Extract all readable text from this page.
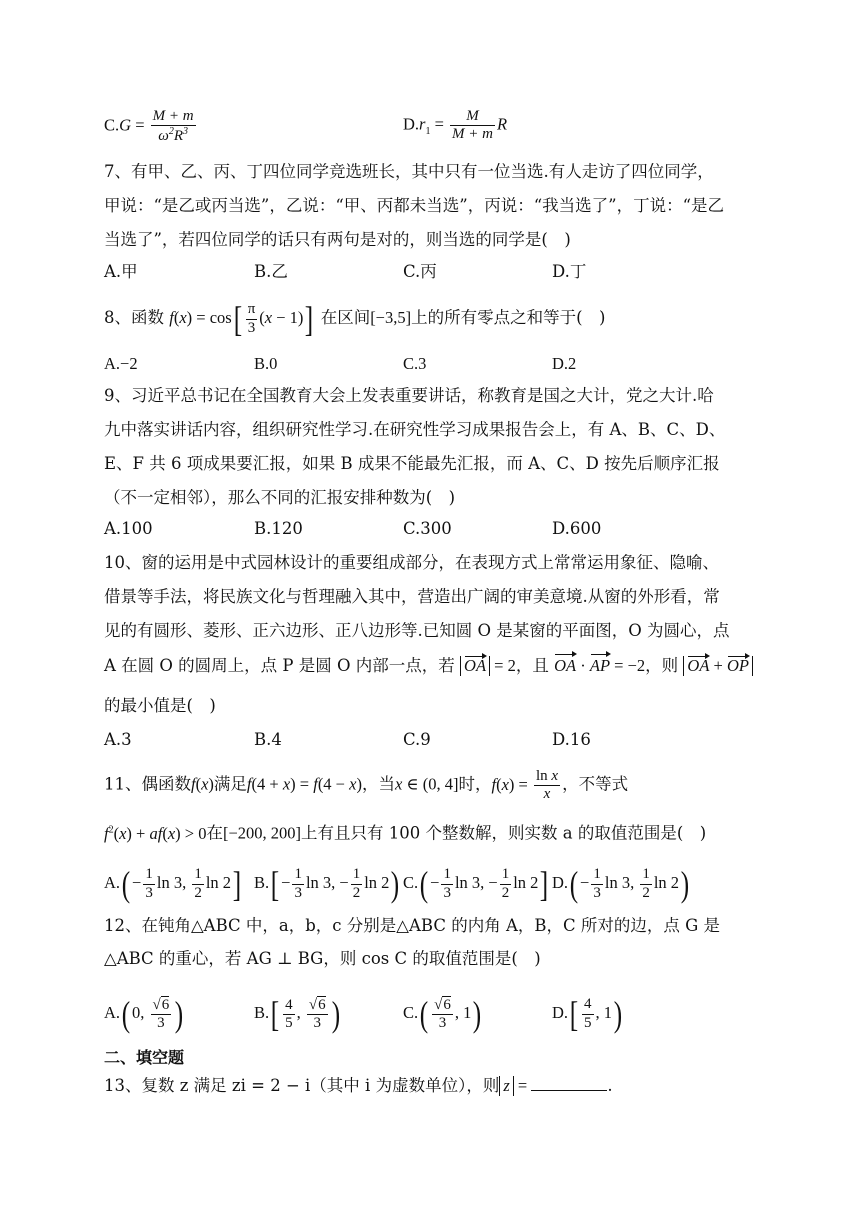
$C.G = \frac{M + m}{\omega^2R^3}$	$D.r_1 = \frac{M}{M + m}$ R
7、有甲、乙、丙、丁四位同学竞选班长，其中只有一位当选.有人走访了四位同学，
甲说：“是乙或丙当选”，乙说：“甲、丙都未当选”，丙说：“我当选了”，丁说：“是乙
当选了”，若四位同学的话只有两句是对的，则当选的同学是(　)
A.甲	B.乙	C.丙	D.丁
8、函数 $f(x) = \cos[ \frac{\pi}{3} (x - 1)]$ 在区间[−3,5]上的所有零点之和等于(　)
A.−2	B.0	C.3	D.2
9、习近平总书记在全国教育大会上发表重要讲话，称教育是国之大计，党之大计.哈
九中落实讲话内容，组织研究性学习.在研究性学习成果报告会上，有 A、B、C、D、
E、F 共 6 项成果要汇报，如果 B 成果不能最先汇报，而 A、C、D 按先后顺序汇报
（不一定相邻），那么不同的汇报安排种数为(　)
A.100	B.120	C.300	D.600
10、窗的运用是中式园林设计的重要组成部分，在表现方式上常常运用象征、隐喻、
借景等手法，将民族文化与哲理融入其中，营造出广阔的审美意境.从窗的外形看，常
见的有圆形、菱形、正六边形、正八边形等.已知圆 O 是某窗的平面图，O 为圆心，点
A 在圆 O 的圆周上，点 P 是圆 O 内部一点，若 OA = 2，且 OA · AP = −2，则 OA + OP
的最小值是(　)
A.3	B.4	C.9	D.16
11、偶函数f(x)满足f(4 + x) = f(4 − x)，当x ∈ (0, 4]时，$f(x) = \frac{\text{ln x}}{x}$ ，不等式
$f^2(x) + af(x) > 0$在[−200, 200]上有且只有 100 个整数解，则实数 a 的取值范围是(　)
$A.( - \frac{1}{3}$ ln 3, $\frac{1}{2}$ ln 2] $B.[ - \frac{1}{3}$ ln 3, − $\frac{1}{2}$ ln 2) $C.( - \frac{1}{3}$ ln 3, − $\frac{1}{2}$ ln 2] $D.( - \frac{1}{3}$ ln 3, $\frac{1}{2}$ ln 2)
12、在钝角△ABC 中，a，b，c 分别是△ABC 的内角 A，B，C 所对的边，点 G 是
△ABC 的重心，若 AG ⊥ BG，则 cos C 的取值范围是(　)
A.( 0, $\frac{√6}{3}$ )	$B.[ \frac{4}{5}$ , $\frac{√6}{3}$ )	$C.( \frac{√6}{3}$ , 1)	$D.[ \frac{4}{5}$ , 1)
二、填空题
13、复数 z 满足 zi = 2 − i（其中 i 为虚数单位），则 z =	.
